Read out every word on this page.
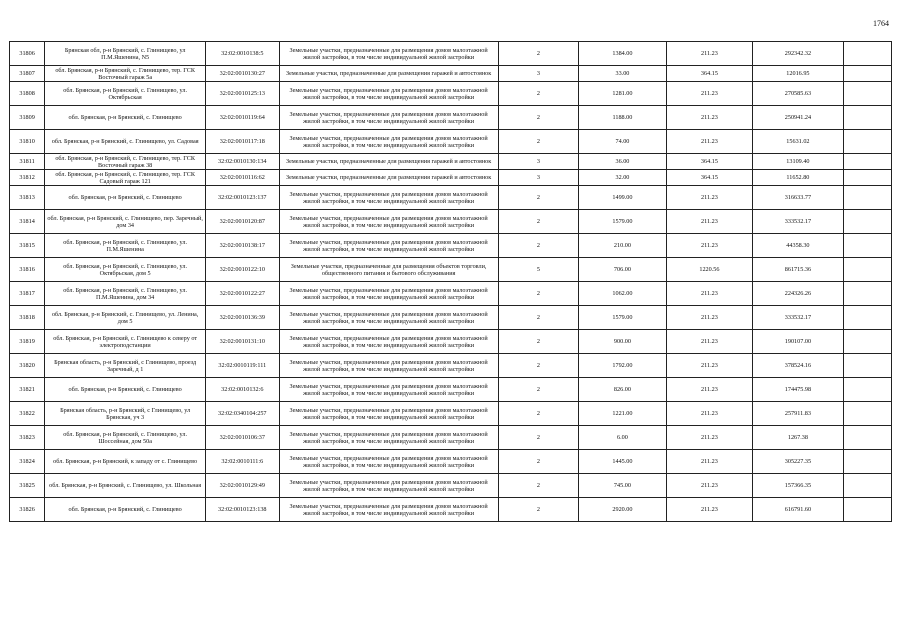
1764
31806	Брянская обл, р-н Брянский, с. Глинищево, ул П.М.Яшенина, N5	32:02:0010138:5	Земельные участки, предназначенные для размещения домов малоэтажной жилой застройки, в том числе индивидуальной жилой застройки	2	1384.00	211.23	292342.32	
31807	обл. Брянская, р-н Брянский, с. Глинищево, тер. ГСК Восточный гараж 5а	32:02:0010130:27	Земельные участки, предназначенные для размещения гаражей и автостоянок	3	33.00	364.15	12016.95	
31808	обл. Брянская, р-н Брянский, с. Глинищево, ул. Октябрьская	32:02:0010125:13	Земельные участки, предназначенные для размещения домов малоэтажной жилой застройки, в том числе индивидуальной жилой застройки	2	1281.00	211.23	270585.63	
31809	обл. Брянская, р-н Брянский, с. Глинищево	32:02:0010119:64	Земельные участки, предназначенные для размещения домов малоэтажной жилой застройки, в том числе индивидуальной жилой застройки	2	1188.00	211.23	250941.24	
31810	обл. Брянская, р-н Брянский, с. Глинищево, ул. Садовая	32:02:0010117:18	Земельные участки, предназначенные для размещения домов малоэтажной жилой застройки, в том числе индивидуальной жилой застройки	2	74.00	211.23	15631.02	
31811	обл. Брянская, р-н Брянский, с. Глинищево, тер. ГСК Восточный гараж 38	32:02:0010130:134	Земельные участки, предназначенные для размещения гаражей и автостоянок	3	36.00	364.15	13109.40	
31812	обл. Брянская, р-н Брянский, с. Глинищево, тер. ГСК Садовый гараж 121	32:02:0010116:62	Земельные участки, предназначенные для размещения гаражей и автостоянок	3	32.00	364.15	11652.80	
31813	обл. Брянская, р-н Брянский, с. Глинищево	32:02:0010123:137	Земельные участки, предназначенные для размещения домов малоэтажной жилой застройки, в том числе индивидуальной жилой застройки	2	1499.00	211.23	316633.77	
31814	обл. Брянская, р-н Брянский, с. Глинищево, пер. Заречный, дом 34	32:02:0010120:87	Земельные участки, предназначенные для размещения домов малоэтажной жилой застройки, в том числе индивидуальной жилой застройки	2	1579.00	211.23	333532.17	
31815	обл. Брянская, р-н Брянский, с. Глинищево, ул. П.М.Яшенина	32:02:0010138:17	Земельные участки, предназначенные для размещения домов малоэтажной жилой застройки, в том числе индивидуальной жилой застройки	2	210.00	211.23	44358.30	
31816	обл. Брянская, р-н Брянский, с. Глинищево, ул. Октябрьская, дом 5	32:02:0010122:10	Земельные участки, предназначенные для размещения объектов торговли, общественного питания и бытового обслуживания	5	706.00	1220.56	861715.36	
31817	обл. Брянская, р-н Брянский, с. Глинищево, ул. П.М.Яшенина, дом 34	32:02:0010122:27	Земельные участки, предназначенные для размещения домов малоэтажной жилой застройки, в том числе индивидуальной жилой застройки	2	1062.00	211.23	224326.26	
31818	обл. Брянская, р-н Брянский, с. Глинищево, ул. Ленина, дом 5	32:02:0010136:39	Земельные участки, предназначенные для размещения домов малоэтажной жилой застройки, в том числе индивидуальной жилой застройки	2	1579.00	211.23	333532.17	
31819	обл. Брянская, р-н Брянский, с. Глинищево к северу от электроподстанции	32:02:0010131:10	Земельные участки, предназначенные для размещения домов малоэтажной жилой застройки, в том числе индивидуальной жилой застройки	2	900.00	211.23	190107.00	
31820	Брянская область, р-н Брянский, с Глинищево, проезд Заречный, д 1	32:02:0010119:111	Земельные участки, предназначенные для размещения домов малоэтажной жилой застройки, в том числе индивидуальной жилой застройки	2	1792.00	211.23	378524.16	
31821	обл. Брянская, р-н Брянский, с. Глинищево	32:02:0010132:6	Земельные участки, предназначенные для размещения домов малоэтажной жилой застройки, в том числе индивидуальной жилой застройки	2	826.00	211.23	174475.98	
31822	Брянская область, р-н Брянский, с Глинищево, ул Брянская, уч 3	32:02:0340104:257	Земельные участки, предназначенные для размещения домов малоэтажной жилой застройки, в том числе индивидуальной жилой застройки	2	1221.00	211.23	257911.83	
31823	обл. Брянская, р-н Брянский, с. Глинищево, ул. Шоссейная, дом 50а	32:02:0010106:37	Земельные участки, предназначенные для размещения домов малоэтажной жилой застройки, в том числе индивидуальной жилой застройки	2	6.00	211.23	1267.38	
31824	обл. Брянская, р-н Брянский, к западу от с. Глинищево	32:02:0010111:6	Земельные участки, предназначенные для размещения домов малоэтажной жилой застройки, в том числе индивидуальной жилой застройки	2	1445.00	211.23	305227.35	
31825	обл. Брянская, р-н Брянский, с. Глинищево, ул. Школьная	32:02:0010129:49	Земельные участки, предназначенные для размещения домов малоэтажной жилой застройки, в том числе индивидуальной жилой застройки	2	745.00	211.23	157366.35	
31826	обл. Брянская, р-н Брянский, с. Глинищево	32:02:0010123:138	Земельные участки, предназначенные для размещения домов малоэтажной жилой застройки, в том числе индивидуальной жилой застройки	2	2920.00	211.23	616791.60	
